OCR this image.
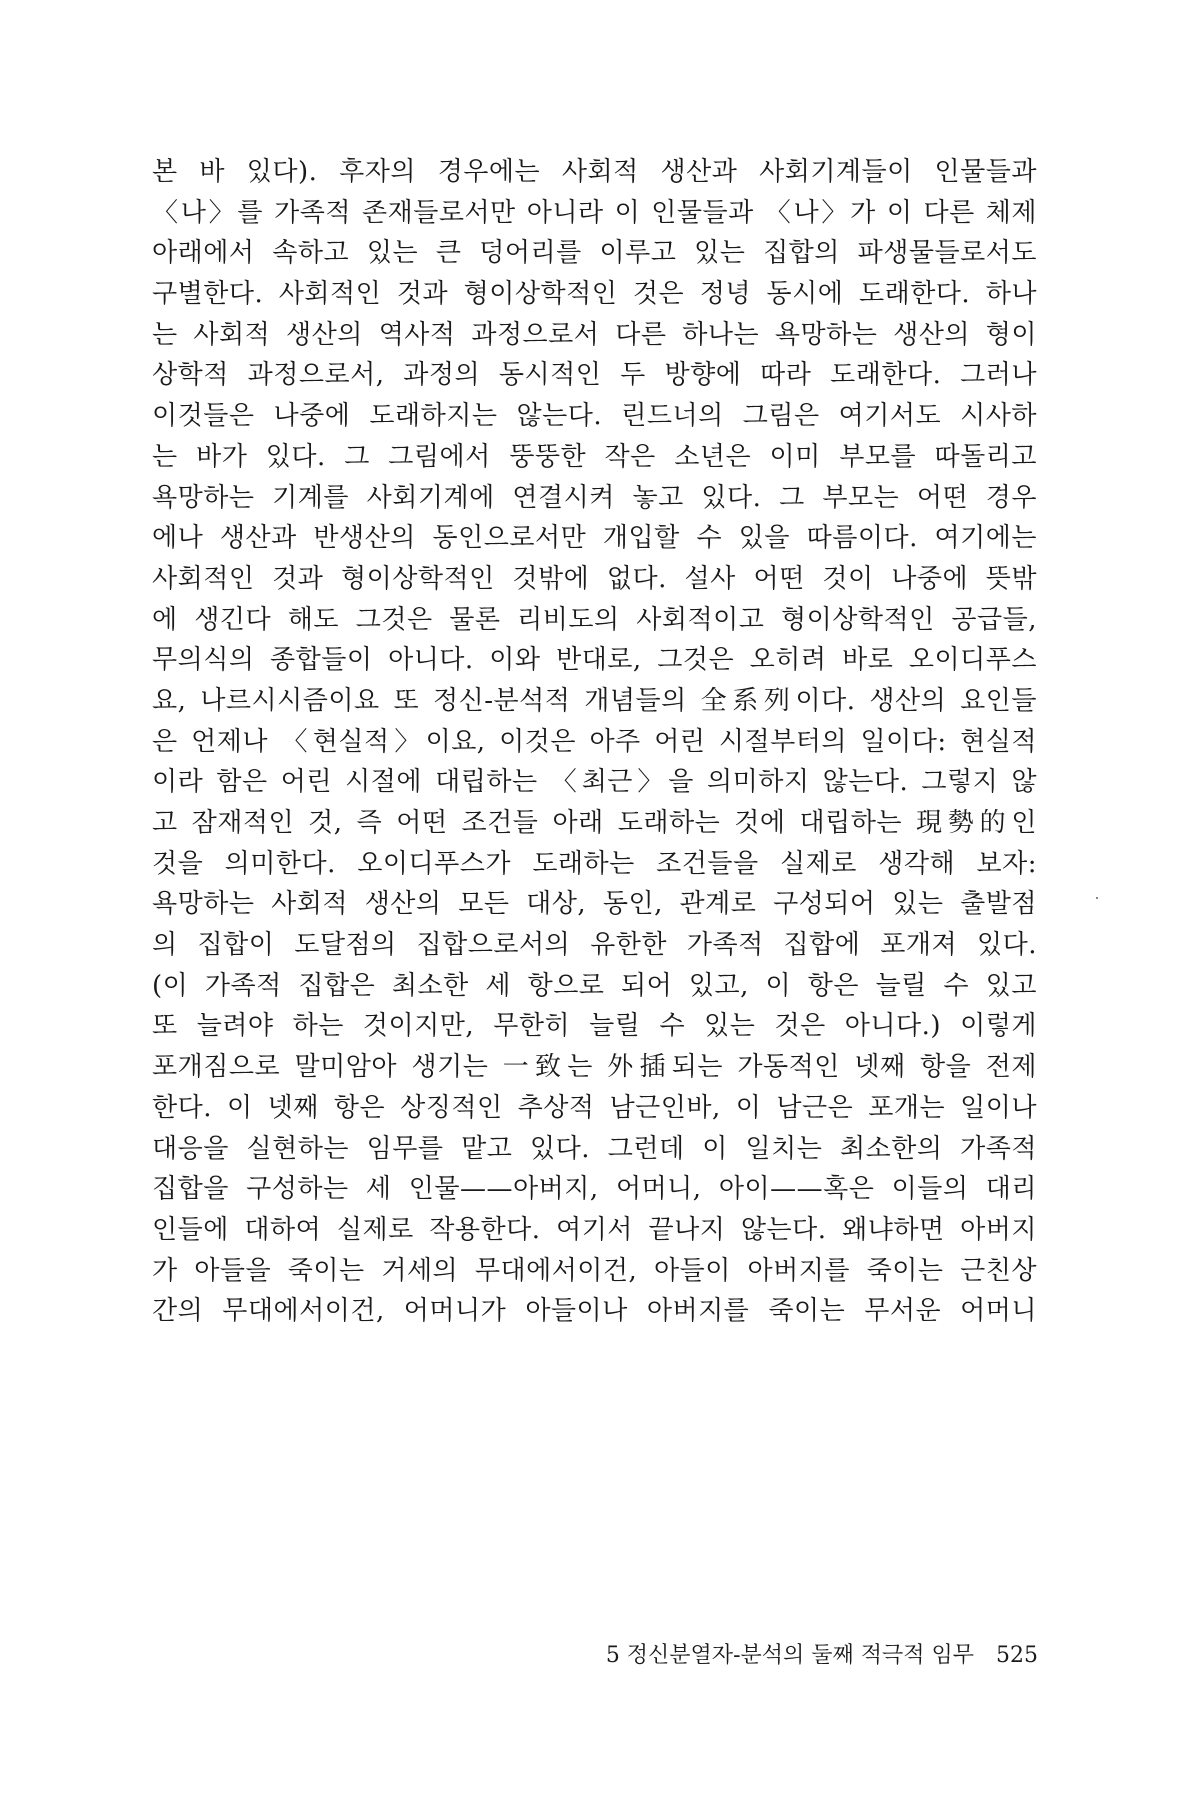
본 바 있다). 후자의 경우에는 사회적 생산과 사회기계들이 인물들과
〈나〉를 가족적 존재들로서만 아니라 이 인물들과 〈나〉가 이 다른 체제
아래에서 속하고 있는 큰 덩어리를 이루고 있는 집합의 파생물들로서도
구별한다. 사회적인 것과 형이상학적인 것은 정녕 동시에 도래한다. 하나
는 사회적 생산의 역사적 과정으로서 다른 하나는 욕망하는 생산의 형이
상학적 과정으로서, 과정의 동시적인 두 방향에 따라 도래한다. 그러나
이것들은 나중에 도래하지는 않는다. 린드너의 그림은 여기서도 시사하
는 바가 있다. 그 그림에서 뚱뚱한 작은 소년은 이미 부모를 따돌리고
욕망하는 기계를 사회기계에 연결시켜 놓고 있다. 그 부모는 어떤 경우
에나 생산과 반생산의 동인으로서만 개입할 수 있을 따름이다. 여기에는
사회적인 것과 형이상학적인 것밖에 없다. 설사 어떤 것이 나중에 뜻밖
에 생긴다 해도 그것은 물론 리비도의 사회적이고 형이상학적인 공급들,
무의식의 종합들이 아니다. 이와 반대로, 그것은 오히려 바로 오이디푸스
요, 나르시시즘이요 또 정신-분석적 개념들의 全系列이다. 생산의 요인들
은 언제나 〈현실적〉이요, 이것은 아주 어린 시절부터의 일이다: 현실적
이라 함은 어린 시절에 대립하는 〈최근〉을 의미하지 않는다. 그렇지 않
고 잠재적인 것, 즉 어떤 조건들 아래 도래하는 것에 대립하는 現勢的인
것을 의미한다. 오이디푸스가 도래하는 조건들을 실제로 생각해 보자:
욕망하는 사회적 생산의 모든 대상, 동인, 관계로 구성되어 있는 출발점
의 집합이 도달점의 집합으로서의 유한한 가족적 집합에 포개져 있다.
(이 가족적 집합은 최소한 세 항으로 되어 있고, 이 항은 늘릴 수 있고
또 늘려야 하는 것이지만, 무한히 늘릴 수 있는 것은 아니다.) 이렇게
포개짐으로 말미암아 생기는 一致는 外插되는 가동적인 넷째 항을 전제
한다. 이 넷째 항은 상징적인 추상적 남근인바, 이 남근은 포개는 일이나
대응을 실현하는 임무를 맡고 있다. 그런데 이 일치는 최소한의 가족적
집합을 구성하는 세 인물——아버지, 어머니, 아이——혹은 이들의 대리
인들에 대하여 실제로 작용한다. 여기서 끝나지 않는다. 왜냐하면 아버지
가 아들을 죽이는 거세의 무대에서이건, 아들이 아버지를 죽이는 근친상
간의 무대에서이건, 어머니가 아들이나 아버지를 죽이는 무서운 어머니
5 정신분열자-분석의 둘째 적극적 임무 525
